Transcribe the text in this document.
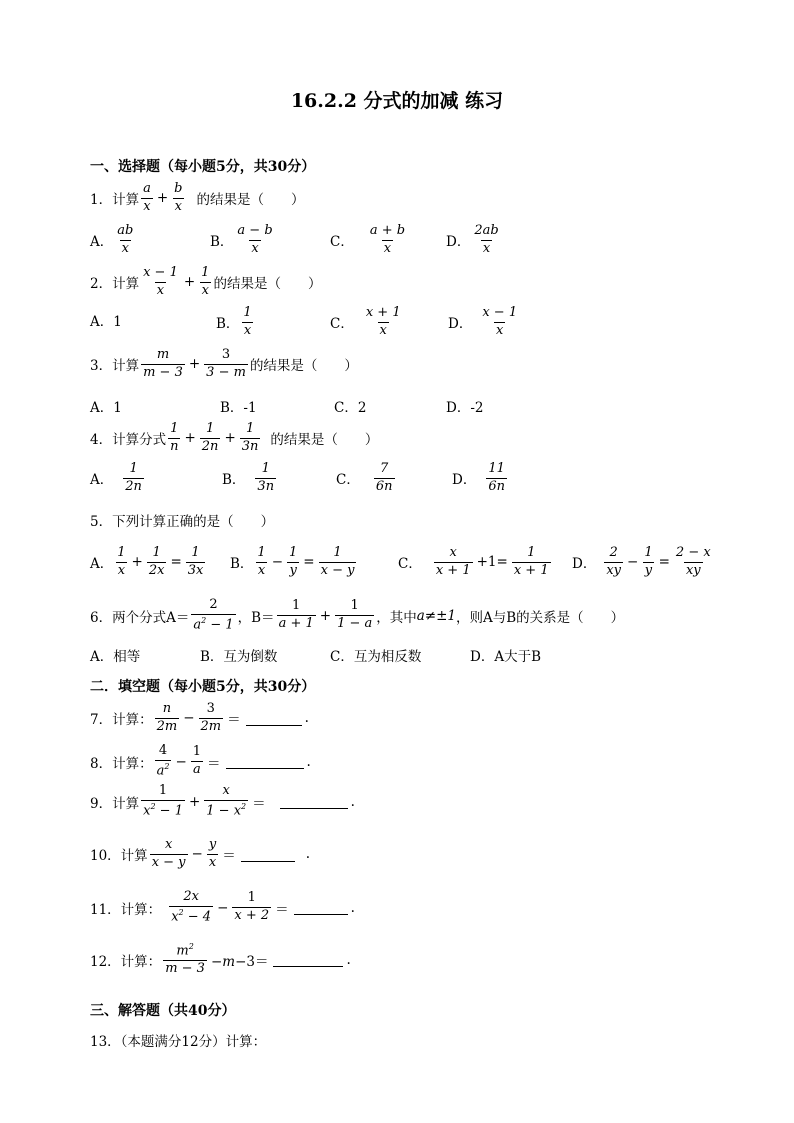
16.2.2 分式的加减 练习
一、选择题（每小题5分，共30分）
1．计算 $\frac{a}{x} + \frac{b}{x}$ 的结果是（　　）
A． $\frac{ab}{x}$	B． $\frac{a - b}{x}$	C． $\frac{a + b}{x}$	D． $\frac{2ab}{x}$
2．计算 $\frac{x - 1}{x} + \frac{1}{x}$ 的结果是（　　）
A．1	B． $\frac{1}{x}$	C． $\frac{x + 1}{x}$	D． $\frac{x - 1}{x}$
3．计算 $\frac{m}{m - 3} + \frac{3}{3 - m}$ 的结果是（　　）
A．1	B．-1	C．2	D．-2
4．计算分式 $\frac{1}{n} + \frac{1}{2n} + \frac{1}{3n}$ 的结果是（　　）
A． $\frac{1}{2n}$	B． $\frac{1}{3n}$	C． $\frac{7}{6n}$	D． $\frac{11}{6n}$
5．下列计算正确的是（　　）
A． $\frac{1}{x} + \frac{1}{2x} = \frac{1}{3x}$ B． $\frac{1}{x} - \frac{1}{y} = \frac{1}{x - y}$	C． $\frac{x}{x + 1} +1= \frac{1}{x + 1}$ D． $\frac{2}{xy} - \frac{1}{y} = \frac{2 - x}{xy}$
6．两个分式$A= \frac{2}{a^2 - 1}$ ，$B= \frac{1}{a + 1} + \frac{1}{1 - a}$ ，其中 a≠±1 ，则A与B的关系是（　　）
A．相等	B．互为倒数	C．互为相反数	D．A大于B
二．填空题（每小题5分，共30分）
7．计算： $\frac{n}{2m} - \frac{3}{2m}$ ＝	.
8．计算： $\frac{4}{a^2} - \frac{1}{a}$ ＝	.
9．计算 $\frac{1}{x^2 - 1} + \frac{x}{1 - x^2}$ ＝	.
10．计算 $\frac{x}{x - y} - \frac{y}{x}$ ＝	.
11．计算： $\frac{2x}{x^2 - 4} - \frac{1}{x + 2}$ ＝	.
12．计算： $\frac{m^2}{m - 3} -m-3=$	.
三、解答题（共40分）
13．（本题满分12分）计算：
